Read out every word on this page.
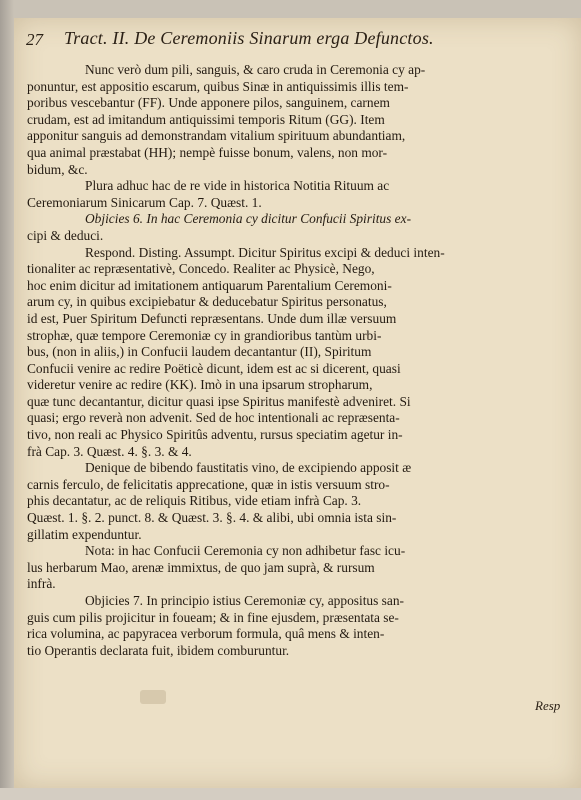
27 Tract. II. De Ceremoniis Sinarum erga Defunctos.
Nunc verò dum pili, sanguis, & caro cruda in Ceremonia cy ap-
ponuntur, est appositio escarum, quibus Sinæ in antiquissimis illis tem-
poribus vescebantur (FF). Unde apponere pilos, sanguinem, carnem
crudam, est ad imitandum antiquissimi temporis Ritum (GG). Item
apponitur sanguis ad demonstrandam vitalium spirituum abundantiam,
qua animal præstabat (HH); nempè fuisse bonum, valens, non mor-
bidum, &c.
Plura adhuc hac de re vide in historica Notitia Rituum ac
Ceremoniarum Sinicarum Cap. 7. Quæst. 1.
Objicies 6. In hac Ceremonia cy dicitur Confucii Spiritus ex-
cipi & deduci.
Respond. Disting. Assumpt. Dicitur Spiritus excipi & deduci inten-
tionaliter ac repræsentativè, Concedo. Realiter ac Physicè, Nego,
hoc enim dicitur ad imitationem antiquarum Parentalium Ceremoni-
arum cy, in quibus excipiebatur & deducebatur Spiritus personatus,
id est, Puer Spiritum Defuncti repræsentans. Unde dum illæ versuum
strophæ, quæ tempore Ceremoniæ cy in grandioribus tantùm urbi-
bus, (non in aliis,) in Confucii laudem decantantur (II), Spiritum
Confucii venire ac redire Poëticè dicunt, idem est ac si dicerent, quasi
videretur venire ac redire (KK). Imò in una ipsarum stropharum,
quæ tunc decantantur, dicitur quasi ipse Spiritus manifestè adveniret. Si
quasi; ergo reverà non advenit. Sed de hoc intentionali ac repræsenta-
tivo, non reali ac Physico Spiritûs adventu, rursus speciatim agetur in-
frà Cap. 3. Quæst. 4. §. 3. & 4.
Denique de bibendo faustitatis vino, de excipiendo apposit æ
carnis ferculo, de felicitatis apprecatione, quæ in istis versuum stro-
phis decantatur, ac de reliquis Ritibus, vide etiam infrà Cap. 3.
Quæst. 1. §. 2. punct. 8. & Quæst. 3. §. 4. & alibi, ubi omnia ista sin-
gillatim expenduntur.
Nota: in hac Confucii Ceremonia cy non adhibetur fasc icu-
lus herbarum Mao, arenæ immixtus, de quo jam suprà, & rursum
infrà.
Objicies 7. In principio istius Ceremoniæ cy, appositus san-
guis cum pilis projicitur in foueam; & in fine ejusdem, præsentata se-
rica volumina, ac papyracea verborum formula, quâ mens & inten-
tio Operantis declarata fuit, ibidem comburuntur.
Resp
